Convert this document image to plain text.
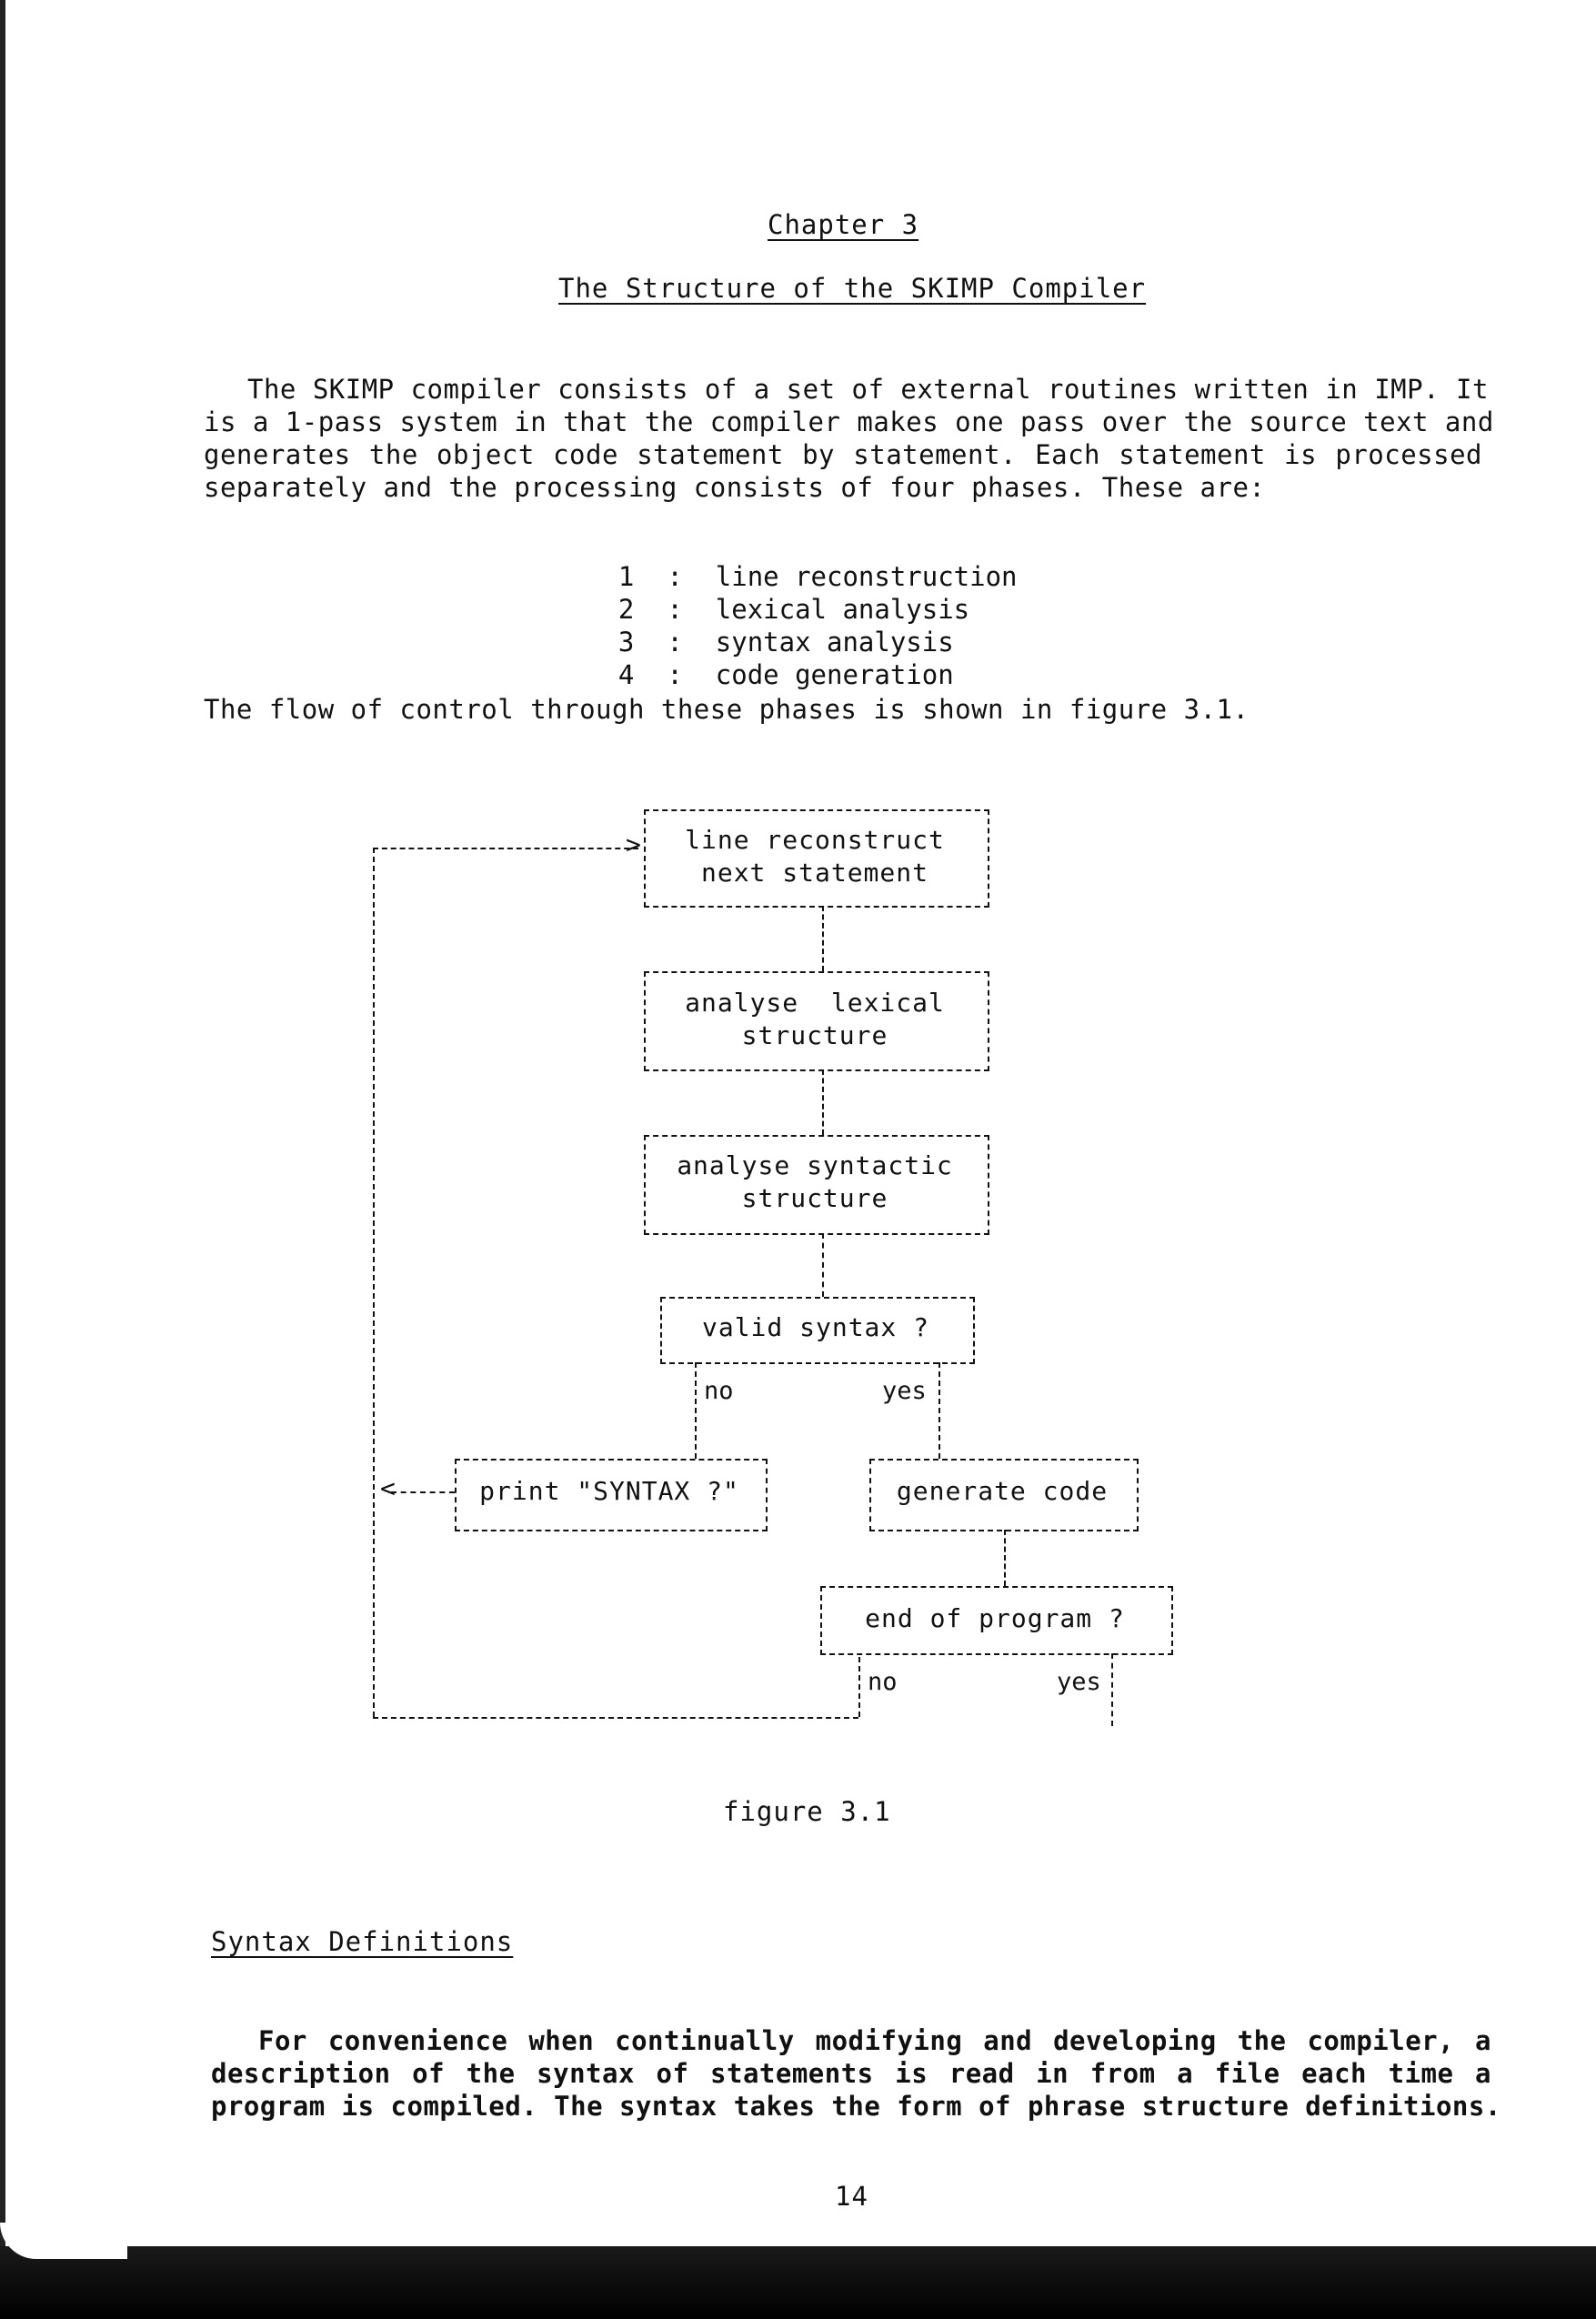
Chapter 3
The Structure of the SKIMP Compiler
The SKIMP compiler consists of a set of external routines written in IMP. It
is a 1-pass system in that the compiler makes one pass over the source text and
generates the object code statement by statement. Each statement is processed
separately and the processing consists of four phases. These are:

1 : line reconstruction

2 : lexical analysis

3 : syntax analysis

4 : code generation

The flow of control through these phases is shown in figure 3.1.
>	line reconstruct
next statement
analyse  lexical
structure
analyse syntactic
structure
valid syntax ?
no	yes
print "SYNTAX ?"
<	generate code
end of program ?
no	yes
figure 3.1
Syntax Definitions
For convenience when continually modifying and developing the compiler, a
description of the syntax of statements is read in from a file each time a
program is compiled. The syntax takes the form of phrase structure definitions.
14
